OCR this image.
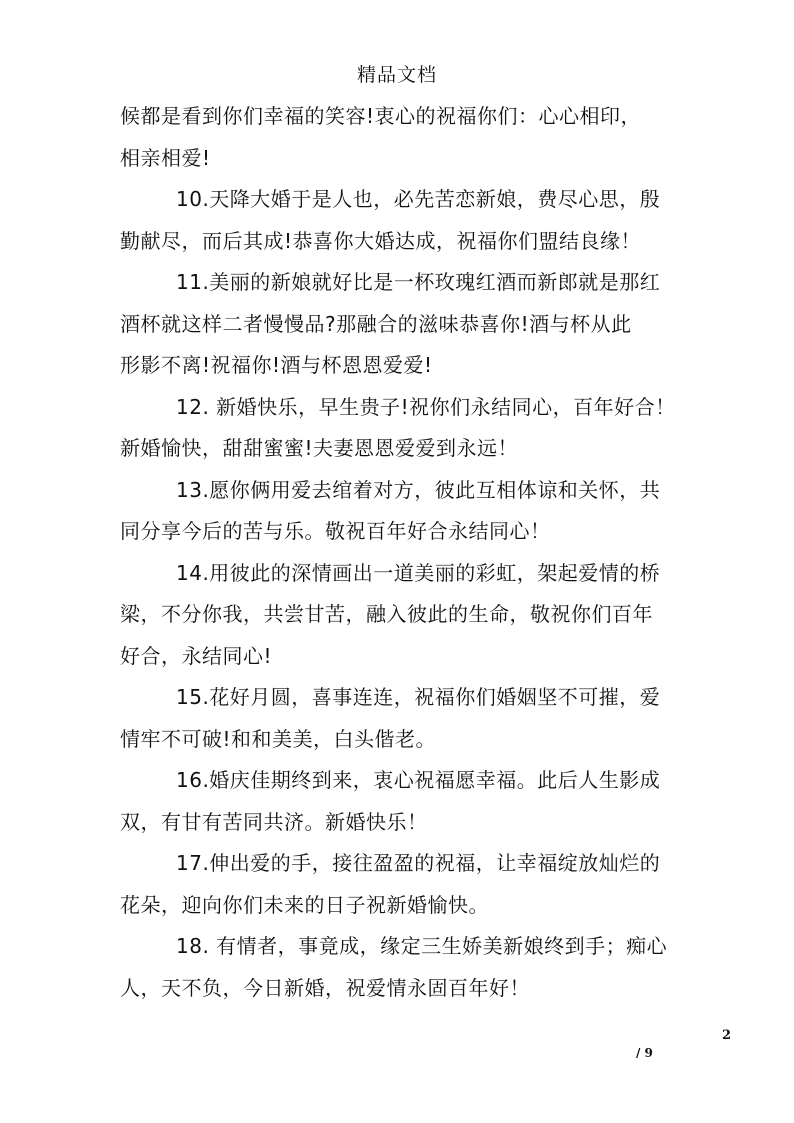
精品文档

候都是看到你们幸福的笑容!衷心的祝福你们：心心相印，
相亲相爱!

10.天降大婚于是人也，必先苦恋新娘，费尽心思，殷
勤献尽，而后其成!恭喜你大婚达成，祝福你们盟结良缘！

11.美丽的新娘就好比是一杯玫瑰红酒而新郎就是那红
酒杯就这样二者慢慢品?那融合的滋味恭喜你!酒与杯从此
形影不离!祝福你!酒与杯恩恩爱爱!

12. 新婚快乐，早生贵子!祝你们永结同心，百年好合！
新婚愉快，甜甜蜜蜜!夫妻恩恩爱爱到永远！

13.愿你俩用爱去绾着对方，彼此互相体谅和关怀，共
同分享今后的苦与乐。敬祝百年好合永结同心！

14.用彼此的深情画出一道美丽的彩虹，架起爱情的桥
梁，不分你我，共尝甘苦，融入彼此的生命，敬祝你们百年
好合，永结同心!

15.花好月圆，喜事连连，祝福你们婚姻坚不可摧，爱
情牢不可破!和和美美，白头偕老。

16.婚庆佳期终到来，衷心祝福愿幸福。此后人生影成
双，有甘有苦同共济。新婚快乐！

17.伸出爱的手，接往盈盈的祝福，让幸福绽放灿烂的
花朵，迎向你们未来的日子祝新婚愉快。

18. 有情者，事竟成，缘定三生娇美新娘终到手；痴心
人，天不负，今日新婚，祝爱情永固百年好！

2
/ 9
